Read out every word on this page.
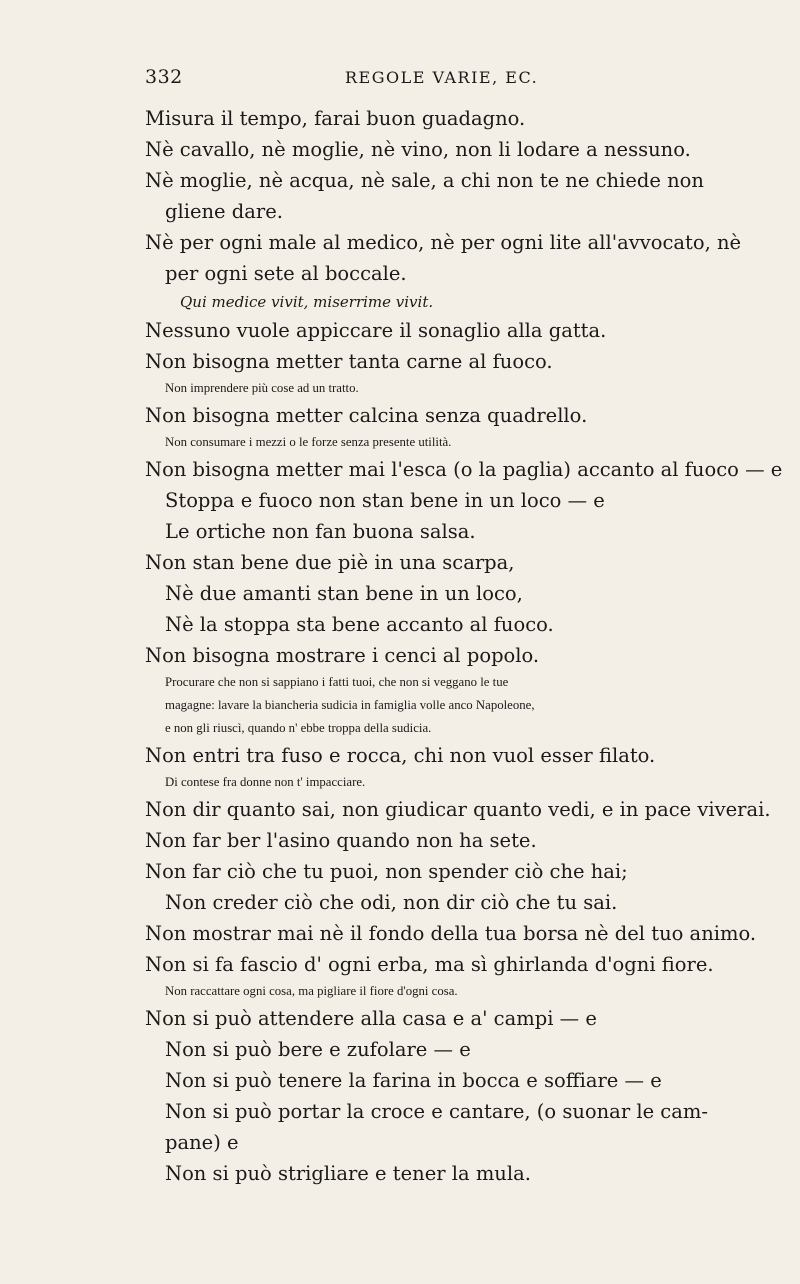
332	REGOLE VARIE, EC.
Misura il tempo, farai buon guadagno.
Nè cavallo, nè moglie, nè vino, non li lodare a nessuno.
Nè moglie, nè acqua, nè sale, a chi non te ne chiede non
gliene dare.
Nè per ogni male al medico, nè per ogni lite all'avvocato, nè
per ogni sete al boccale.
Qui medice vivit, miserrime vivit.
Nessuno vuole appiccare il sonaglio alla gatta.
Non bisogna metter tanta carne al fuoco.
Non imprendere più cose ad un tratto.
Non bisogna metter calcina senza quadrello.
Non consumare i mezzi o le forze senza presente utilità.
Non bisogna metter mai l'esca (o la paglia) accanto al fuoco — e
Stoppa e fuoco non stan bene in un loco — e
Le ortiche non fan buona salsa.
Non stan bene due piè in una scarpa,
Nè due amanti stan bene in un loco,
Nè la stoppa sta bene accanto al fuoco.
Non bisogna mostrare i cenci al popolo.
Procurare che non si sappiano i fatti tuoi, che non si veggano le tue
magagne: lavare la biancheria sudicia in famiglia volle anco Napoleone,
e non gli riuscì, quando n' ebbe troppa della sudicia.
Non entri tra fuso e rocca, chi non vuol esser filato.
Di contese fra donne non t' impacciare.
Non dir quanto sai, non giudicar quanto vedi, e in pace viverai.
Non far ber l'asino quando non ha sete.
Non far ciò che tu puoi, non spender ciò che hai;
Non creder ciò che odi, non dir ciò che tu sai.
Non mostrar mai nè il fondo della tua borsa nè del tuo animo.
Non si fa fascio d' ogni erba, ma sì ghirlanda d'ogni fiore.
Non raccattare ogni cosa, ma pigliare il fiore d'ogni cosa.
Non si può attendere alla casa e a' campi — e
Non si può bere e zufolare — e
Non si può tenere la farina in bocca e soffiare — e
Non si può portar la croce e cantare, (o suonar le cam-
pane) e
Non si può strigliare e tener la mula.
